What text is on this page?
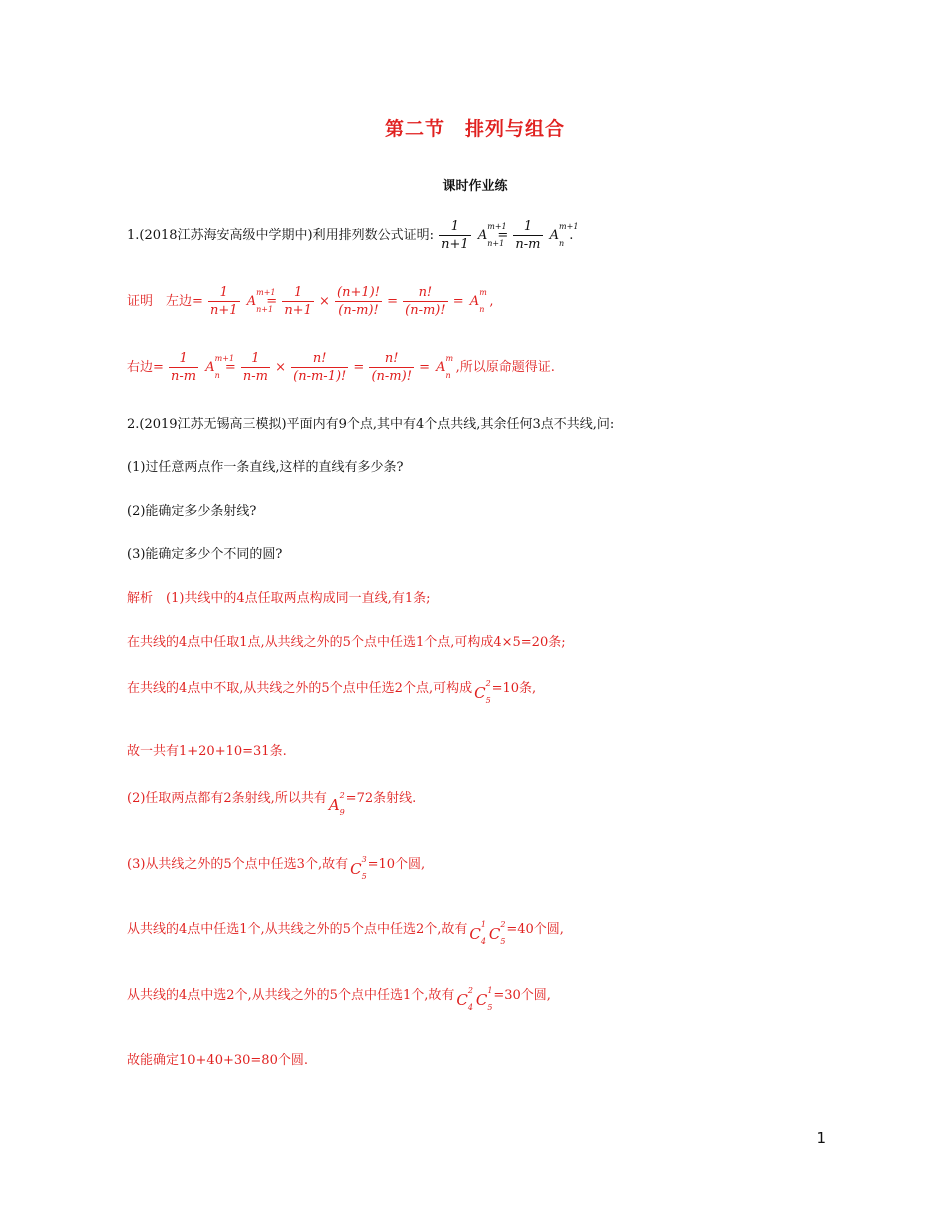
第二节　排列与组合
课时作业练
1.(2018江苏海安高级中学期中)利用排列数公式证明: $\frac{1}{n+1}$ A
m+1
n+1
= $\frac{1}{n-m}$ A
m+1
n
.
证明　左边= $\frac{1}{n+1}$ A
m+1
n+1
= $\frac{1}{n+1} \times \frac{(n+1)!}{(n-m)!} = \frac{n!}{(n-m)!} = A$
m
n
,
右边= $\frac{1}{n-m}$ A
m+1
n
= $\frac{1}{n-m} \times \frac{n!}{(n-m-1)!} = \frac{n!}{(n-m)!} = A$
m
n
,所以原命题得证.
2.(2019江苏无锡高三模拟)平面内有9个点,其中有4个点共线,其余任何3点不共线,问:
(1)过任意两点作一条直线,这样的直线有多少条?
(2)能确定多少条射线?
(3)能确定多少个不同的圆?
解析　(1)共线中的4点任取两点构成同一直线,有1条;
在共线的4点中任取1点,从共线之外的5个点中任选1个点,可构成4×5=20条;
在共线的4点中不取,从共线之外的5个点中任选2个点,可构成 C
2
5
=10条,
故一共有1+20+10=31条.
(2)任取两点都有2条射线,所以共有 A
2
9
=72条射线.
(3)从共线之外的5个点中任选3个,故有 C
3
5
=10个圆,
从共线的4点中任选1个,从共线之外的5个点中任选2个,故有 C
1
4 C
2
5
=40个圆,
从共线的4点中选2个,从共线之外的5个点中任选1个,故有 C
2
4 C
1
5
=30个圆,
故能确定10+40+30=80个圆.
1
